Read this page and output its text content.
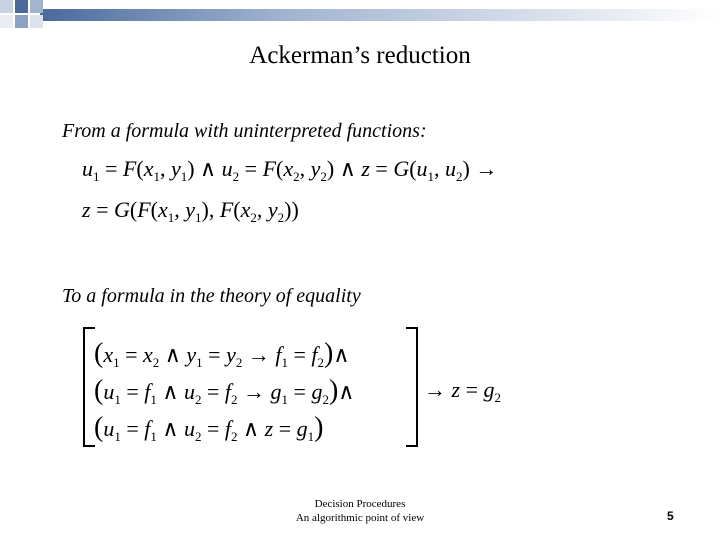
Ackerman’s reduction
From a formula with uninterpreted functions:
$u_1 = F(x_1$, $y_1$) ∧ $u_2 = F(x_2$, $y_2$) ∧ $z = G(u_1$, $u_2$) →
$z = G(F(x_1$, $y_1$), $F(x_2$, $y_2$))
To a formula in the theory of equality
($x_1 = x_2$ ∧ $y_1 = y_2 \to f_1$ = $f_2)\wedge$
($u_1 = f_1$ ∧ $u_2 = f_2 \to g_1$ = $g_2)\wedge$
($u_1 = f_1$ ∧ $u_2 = f_2$ ∧ $z = g_1$)
→ $z = g_2$
Decision Procedures
An algorithmic point of view	5
